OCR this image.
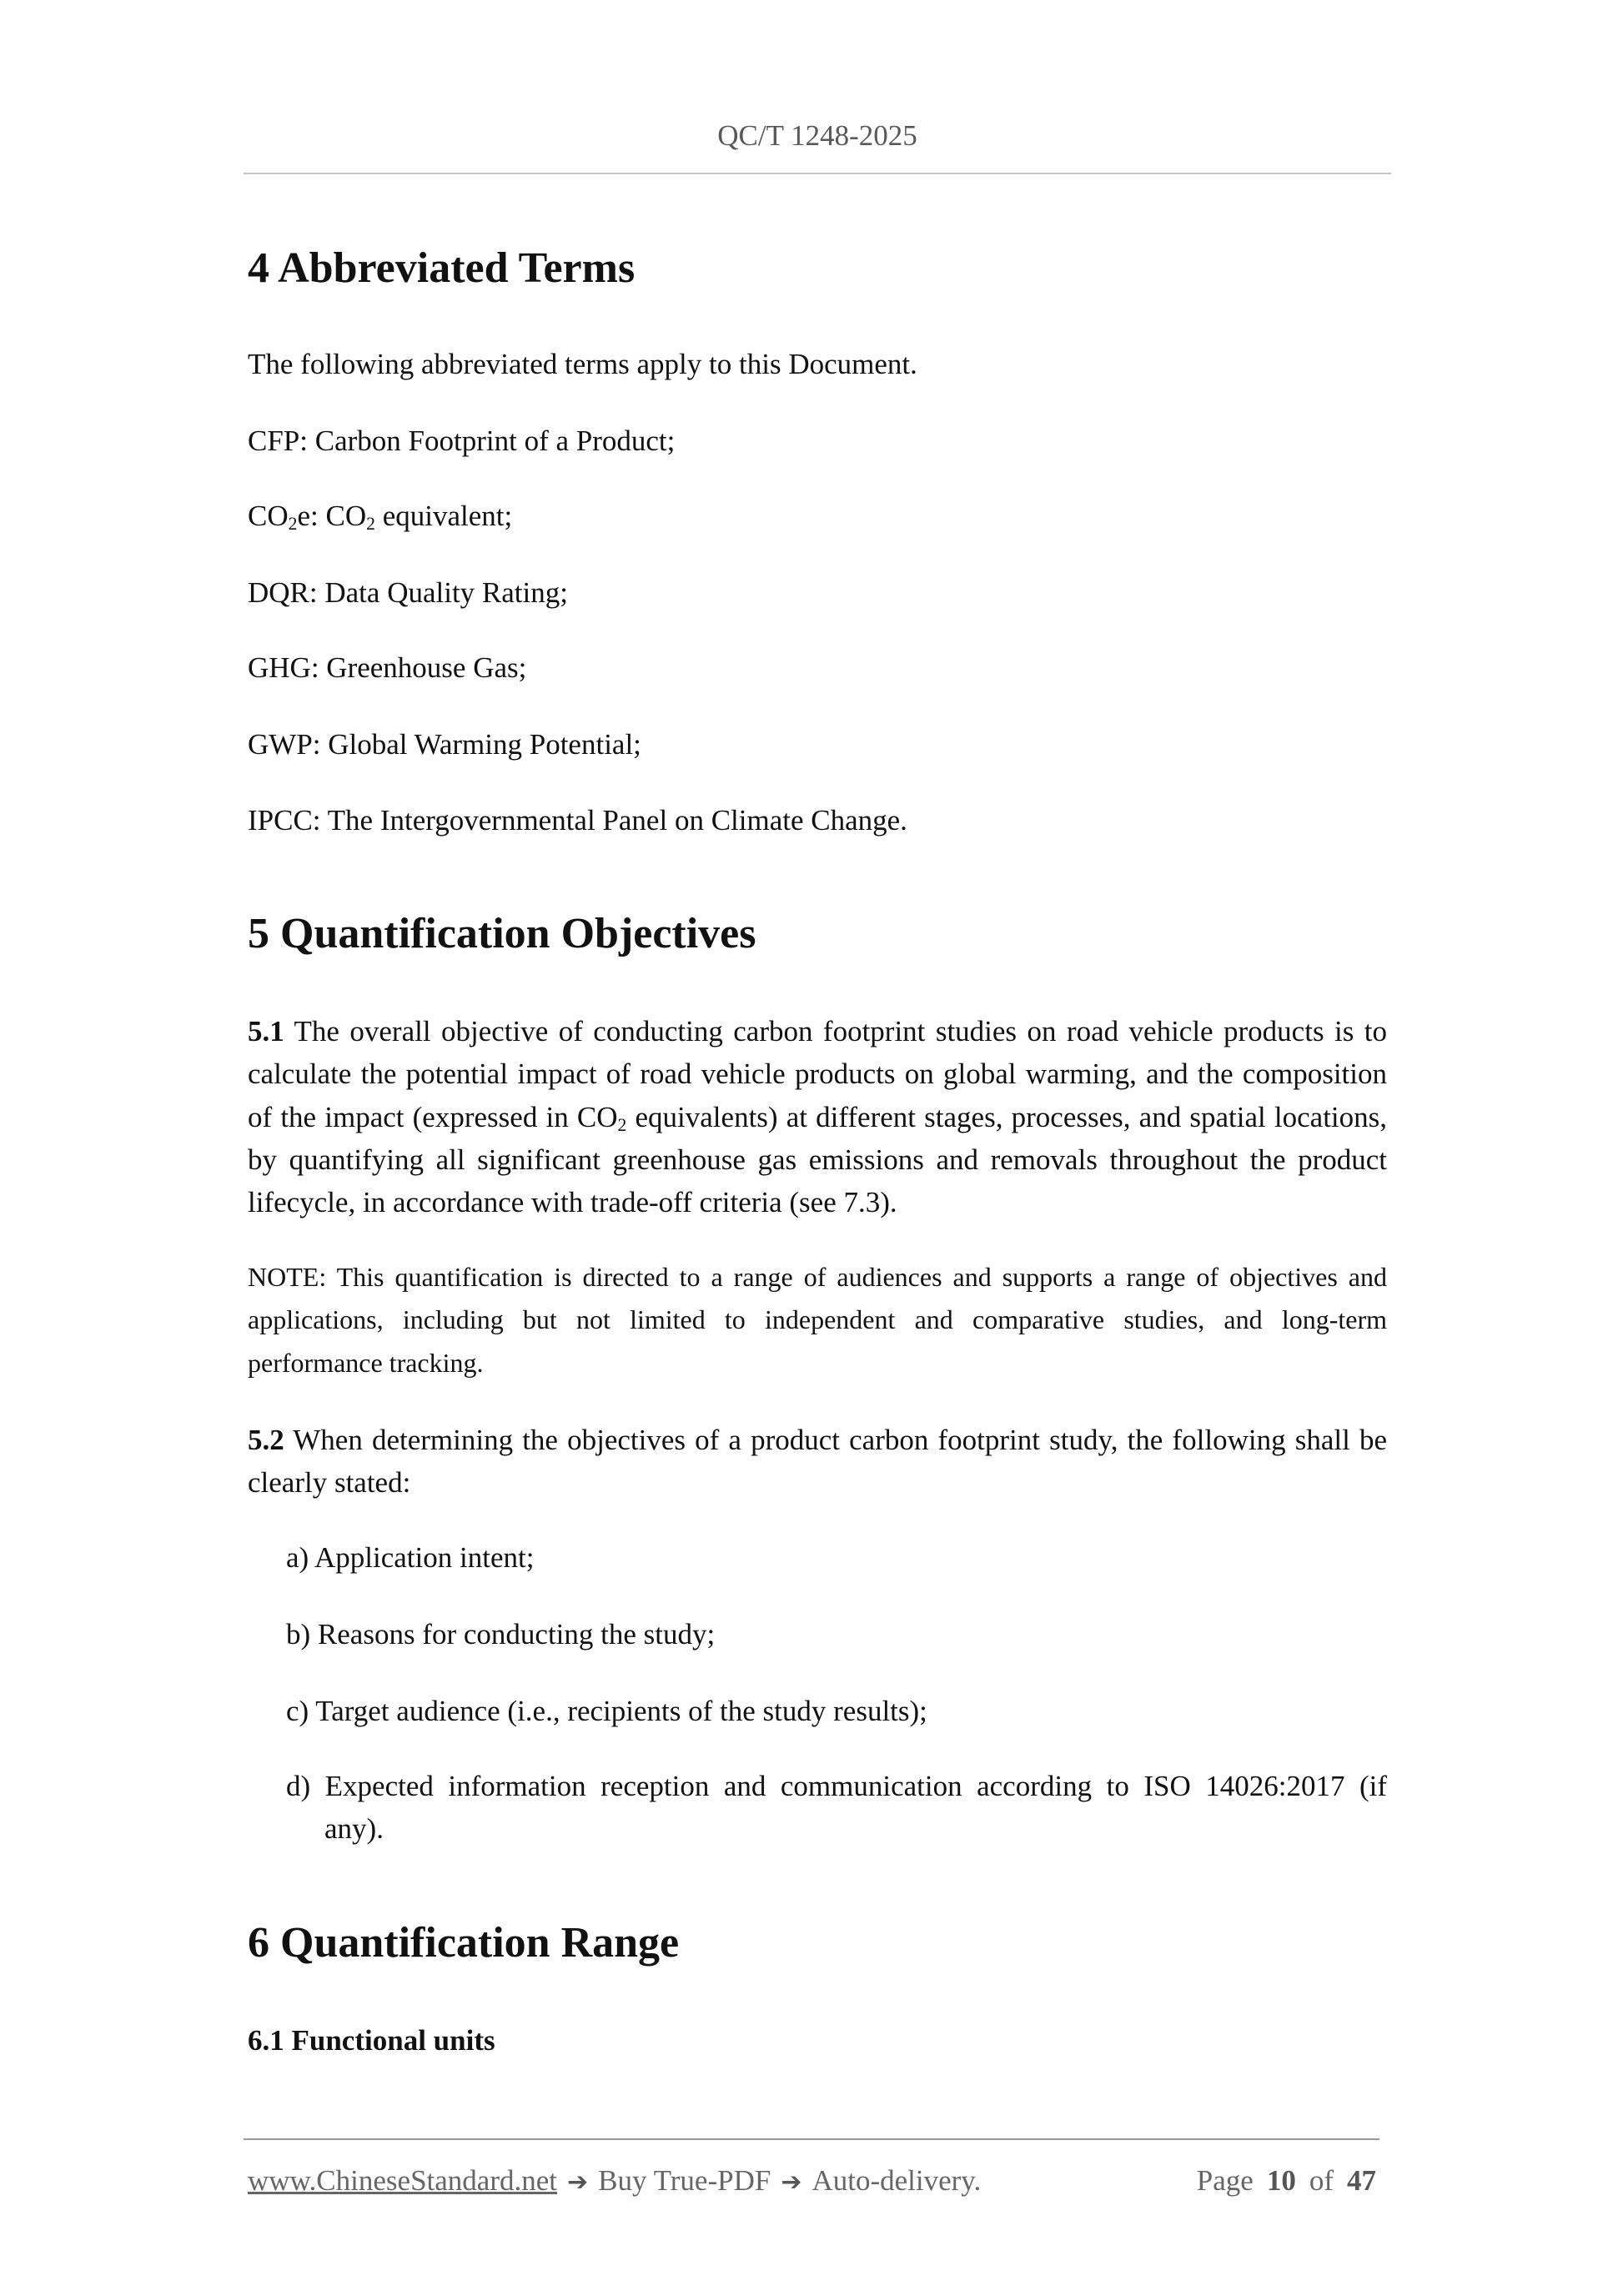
QC/T 1248-2025
4 Abbreviated Terms
The following abbreviated terms apply to this Document.
CFP: Carbon Footprint of a Product;
$CO_2e$: $CO_2$ equivalent;
DQR: Data Quality Rating;
GHG: Greenhouse Gas;
GWP: Global Warming Potential;
IPCC: The Intergovernmental Panel on Climate Change.
5 Quantification Objectives
5.1 The overall objective of conducting carbon footprint studies on road vehicle products is to
calculate the potential impact of road vehicle products on global warming, and the composition
of the impact (expressed in $CO_2$ equivalents) at different stages, processes, and spatial locations,
by quantifying all significant greenhouse gas emissions and removals throughout the product
lifecycle, in accordance with trade-off criteria (see 7.3).
NOTE: This quantification is directed to a range of audiences and supports a range of objectives and
applications, including but not limited to independent and comparative studies, and long-term
performance tracking.
5.2 When determining the objectives of a product carbon footprint study, the following shall be
clearly stated:
a) Application intent;
b) Reasons for conducting the study;
c) Target audience (i.e., recipients of the study results);
d) Expected information reception and communication according to ISO 14026:2017 (if
any).
6 Quantification Range
6.1 Functional units
www.ChineseStandard.net ➔ Buy True-PDF ➔ Auto-delivery.	Page 10 of 47
